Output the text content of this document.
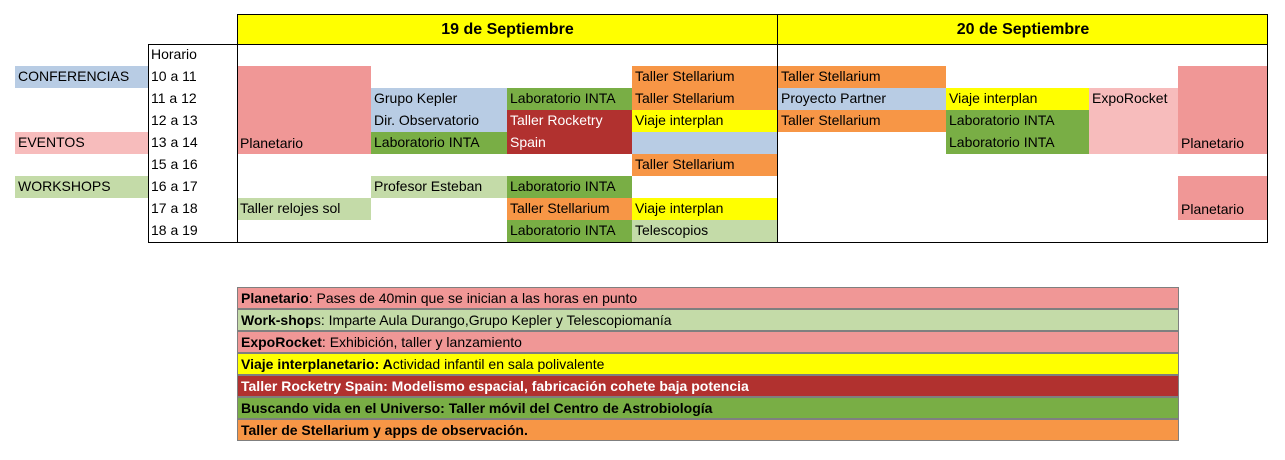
19 de Septiembre	20 de Septiembre
Horario
CONFERENCIAS
EVENTOS
WORKSHOPS
10 a 11
11 a 12
12 a 13
13 a 14
15 a 16
16 a 17
17 a 18
18 a 19
Planetario
Taller relojes sol
Grupo Kepler
Dir. Observatorio
Laboratorio INTA
Profesor Esteban
Laboratorio INTA
Taller Rocketry
Spain
Laboratorio INTA
Taller Stellarium
Laboratorio INTA
Taller Stellarium
Taller Stellarium
Viaje interplan
Taller Stellarium
Viaje interplan
Telescopios
Taller Stellarium
Proyecto Partner
Taller Stellarium
Viaje interplan
Laboratorio INTA
Laboratorio INTA
ExpoRocket
Planetario
Planetario
Planetario: Pases de 40min que se inician a las horas en punto
Work-shops: Imparte Aula Durango,Grupo Kepler y Telescopiomanía
ExpoRocket: Exhibición, taller y lanzamiento
Viaje interplanetario: Actividad infantil en sala polivalente
Taller Rocketry Spain: Modelismo espacial, fabricación cohete baja potencia
Buscando vida en el Universo: Taller móvil del Centro de Astrobiología
Taller de Stellarium y apps de observación.
